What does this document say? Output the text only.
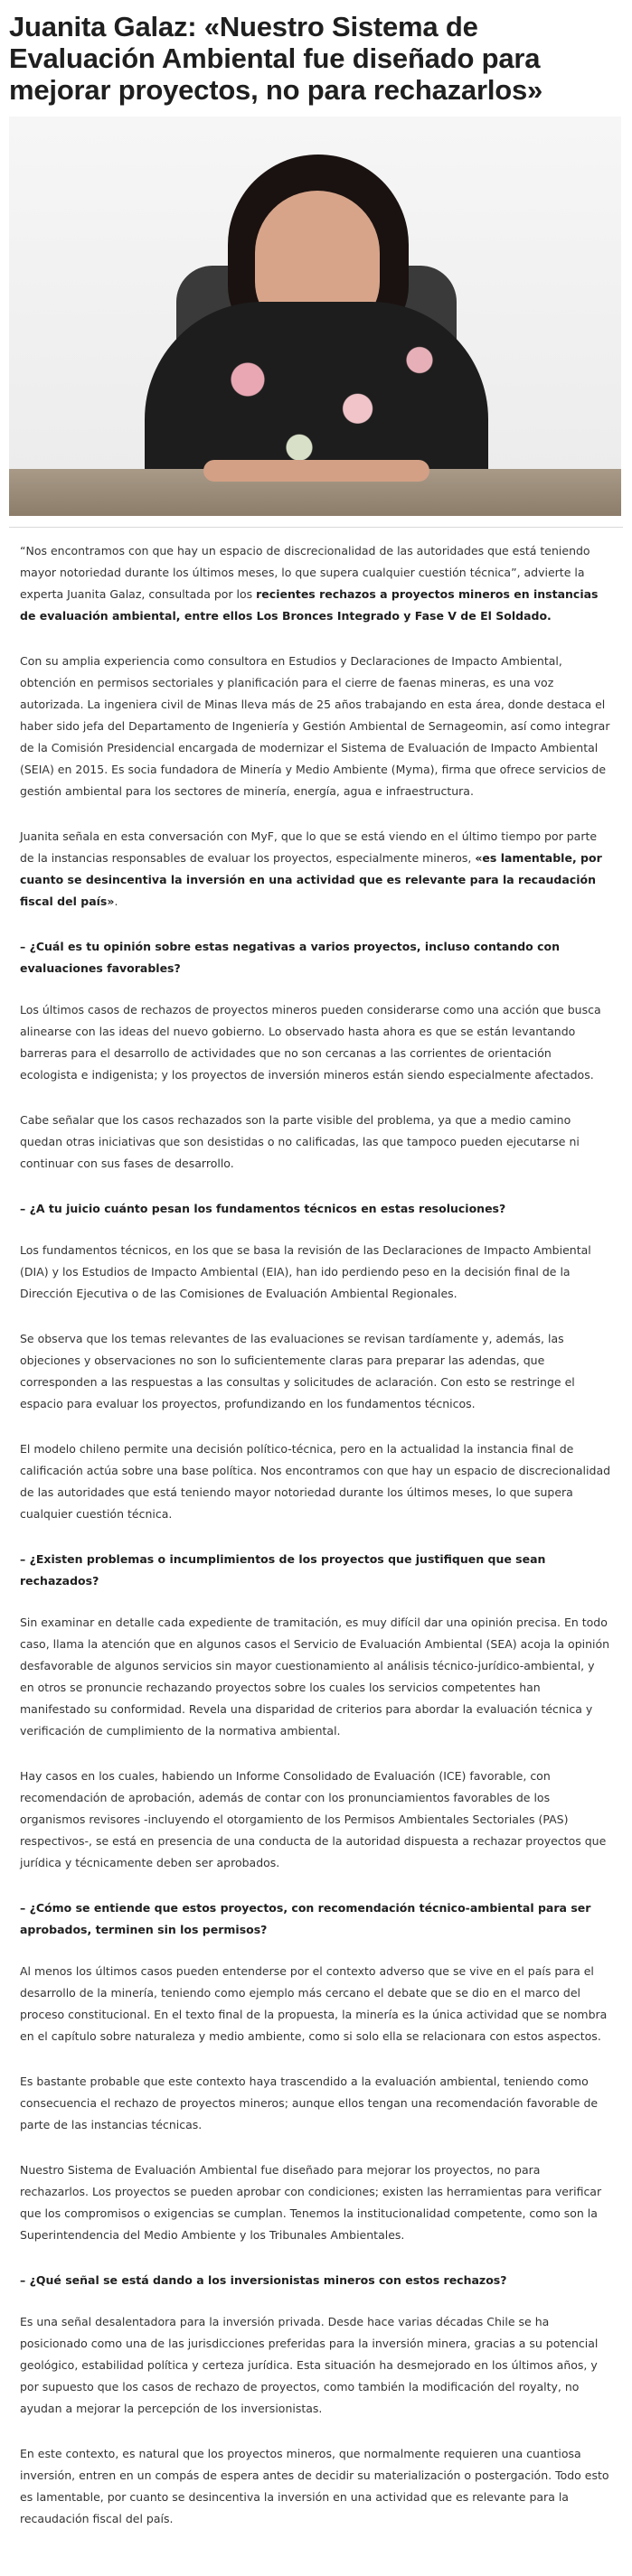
Juanita Galaz: «Nuestro Sistema de Evaluación Ambiental fue diseñado para mejorar proyectos, no para rechazarlos»

“Nos encontramos con que hay un espacio de discrecionalidad de las autoridades que está teniendo mayor notoriedad durante los últimos meses, lo que supera cualquier cuestión técnica”, advierte la experta Juanita Galaz, consultada por los recientes rechazos a proyectos mineros en instancias de evaluación ambiental, entre ellos Los Bronces Integrado y Fase V de El Soldado.

Con su amplia experiencia como consultora en Estudios y Declaraciones de Impacto Ambiental, obtención en permisos sectoriales y planificación para el cierre de faenas mineras, es una voz autorizada. La ingeniera civil de Minas lleva más de 25 años trabajando en esta área, donde destaca el haber sido jefa del Departamento de Ingeniería y Gestión Ambiental de Sernageomin, así como integrar de la Comisión Presidencial encargada de modernizar el Sistema de Evaluación de Impacto Ambiental (SEIA) en 2015. Es socia fundadora de Minería y Medio Ambiente (Myma), firma que ofrece servicios de gestión ambiental para los sectores de minería, energía, agua e infraestructura.

Juanita señala en esta conversación con MyF, que lo que se está viendo en el último tiempo por parte de la instancias responsables de evaluar los proyectos, especialmente mineros, «es lamentable, por cuanto se desincentiva la inversión en una actividad que es relevante para la recaudación fiscal del país».

– ¿Cuál es tu opinión sobre estas negativas a varios proyectos, incluso contando con evaluaciones favorables?

Los últimos casos de rechazos de proyectos mineros pueden considerarse como una acción que busca alinearse con las ideas del nuevo gobierno. Lo observado hasta ahora es que se están levantando barreras para el desarrollo de actividades que no son cercanas a las corrientes de orientación ecologista e indigenista; y los proyectos de inversión mineros están siendo especialmente afectados.

Cabe señalar que los casos rechazados son la parte visible del problema, ya que a medio camino quedan otras iniciativas que son desistidas o no calificadas, las que tampoco pueden ejecutarse ni continuar con sus fases de desarrollo.

– ¿A tu juicio cuánto pesan los fundamentos técnicos en estas resoluciones?

Los fundamentos técnicos, en los que se basa la revisión de las Declaraciones de Impacto Ambiental (DIA) y los Estudios de Impacto Ambiental (EIA), han ido perdiendo peso en la decisión final de la Dirección Ejecutiva o de las Comisiones de Evaluación Ambiental Regionales.

Se observa que los temas relevantes de las evaluaciones se revisan tardíamente y, además, las objeciones y observaciones no son lo suficientemente claras para preparar las adendas, que corresponden a las respuestas a las consultas y solicitudes de aclaración. Con esto se restringe el espacio para evaluar los proyectos, profundizando en los fundamentos técnicos.

El modelo chileno permite una decisión político-técnica, pero en la actualidad la instancia final de calificación actúa sobre una base política. Nos encontramos con que hay un espacio de discrecionalidad de las autoridades que está teniendo mayor notoriedad durante los últimos meses, lo que supera cualquier cuestión técnica.

– ¿Existen problemas o incumplimientos de los proyectos que justifiquen que sean rechazados?

Sin examinar en detalle cada expediente de tramitación, es muy difícil dar una opinión precisa. En todo caso, llama la atención que en algunos casos el Servicio de Evaluación Ambiental (SEA) acoja la opinión desfavorable de algunos servicios sin mayor cuestionamiento al análisis técnico-jurídico-ambiental, y en otros se pronuncie rechazando proyectos sobre los cuales los servicios competentes han manifestado su conformidad. Revela una disparidad de criterios para abordar la evaluación técnica y verificación de cumplimiento de la normativa ambiental.

Hay casos en los cuales, habiendo un Informe Consolidado de Evaluación (ICE) favorable, con recomendación de aprobación, además de contar con los pronunciamientos favorables de los organismos revisores -incluyendo el otorgamiento de los Permisos Ambientales Sectoriales (PAS) respectivos-, se está en presencia de una conducta de la autoridad dispuesta a rechazar proyectos que jurídica y técnicamente deben ser aprobados.

– ¿Cómo se entiende que estos proyectos, con recomendación técnico-ambiental para ser aprobados, terminen sin los permisos?

Al menos los últimos casos pueden entenderse por el contexto adverso que se vive en el país para el desarrollo de la minería, teniendo como ejemplo más cercano el debate que se dio en el marco del proceso constitucional. En el texto final de la propuesta, la minería es la única actividad que se nombra en el capítulo sobre naturaleza y medio ambiente, como si solo ella se relacionara con estos aspectos.

Es bastante probable que este contexto haya trascendido a la evaluación ambiental, teniendo como consecuencia el rechazo de proyectos mineros; aunque ellos tengan una recomendación favorable de parte de las instancias técnicas.

Nuestro Sistema de Evaluación Ambiental fue diseñado para mejorar los proyectos, no para rechazarlos. Los proyectos se pueden aprobar con condiciones; existen las herramientas para verificar que los compromisos o exigencias se cumplan. Tenemos la institucionalidad competente, como son la Superintendencia del Medio Ambiente y los Tribunales Ambientales.

– ¿Qué señal se está dando a los inversionistas mineros con estos rechazos?

Es una señal desalentadora para la inversión privada. Desde hace varias décadas Chile se ha posicionado como una de las jurisdicciones preferidas para la inversión minera, gracias a su potencial geológico, estabilidad política y certeza jurídica. Esta situación ha desmejorado en los últimos años, y por supuesto que los casos de rechazo de proyectos, como también la modificación del royalty, no ayudan a mejorar la percepción de los inversionistas.

En este contexto, es natural que los proyectos mineros, que normalmente requieren una cuantiosa inversión, entren en un compás de espera antes de decidir su materialización o postergación. Todo esto es lamentable, por cuanto se desincentiva la inversión en una actividad que es relevante para la recaudación fiscal del país.
